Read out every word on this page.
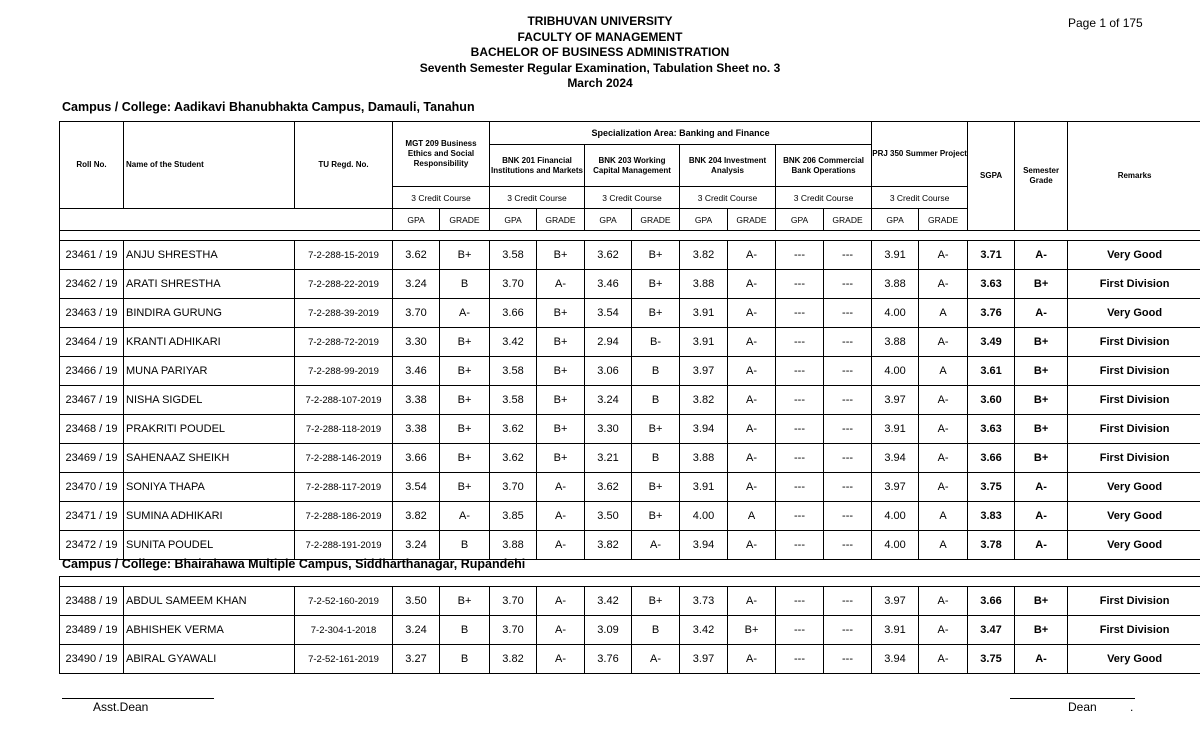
TRIBHUVAN UNIVERSITY
FACULTY OF MANAGEMENT
BACHELOR OF BUSINESS ADMINISTRATION
Seventh Semester Regular Examination, Tabulation Sheet no. 3
March 2024
Page 1 of 175
Campus / College: Aadikavi Bhanubhakta Campus, Damauli, Tanahun
Roll No.	Name of the Student	TU Regd. No.	MGT 209 Business Ethics and Social Responsibility		Specialization Area: Banking and Finance								PRJ 350 Summer Project		SGPA	Semester Grade	Remarks
					BNK 201 Financial Institutions and Markets		BNK 203 Working Capital Management		BNK 204 Investment Analysis		BNK 206 Commercial Bank Operations						
			3 Credit Course		3 Credit Course		3 Credit Course		3 Credit Course		3 Credit Course		3 Credit Course				
			GPA	GRADE	GPA	GRADE	GPA	GRADE	GPA	GRADE	GPA	GRADE	GPA	GRADE			

23461 / 19	ANJU SHRESTHA	7-2-288-15-2019	3.62	B+	3.58	B+	3.62	B+	3.82	A-	---	---	3.91	A-	3.71	A-	Very Good
23462 / 19	ARATI SHRESTHA	7-2-288-22-2019	3.24	B	3.70	A-	3.46	B+	3.88	A-	---	---	3.88	A-	3.63	B+	First Division
23463 / 19	BINDIRA GURUNG	7-2-288-39-2019	3.70	A-	3.66	B+	3.54	B+	3.91	A-	---	---	4.00	A	3.76	A-	Very Good
23464 / 19	KRANTI ADHIKARI	7-2-288-72-2019	3.30	B+	3.42	B+	2.94	B-	3.91	A-	---	---	3.88	A-	3.49	B+	First Division
23466 / 19	MUNA PARIYAR	7-2-288-99-2019	3.46	B+	3.58	B+	3.06	B	3.97	A-	---	---	4.00	A	3.61	B+	First Division
23467 / 19	NISHA SIGDEL	7-2-288-107-2019	3.38	B+	3.58	B+	3.24	B	3.82	A-	---	---	3.97	A-	3.60	B+	First Division
23468 / 19	PRAKRITI POUDEL	7-2-288-118-2019	3.38	B+	3.62	B+	3.30	B+	3.94	A-	---	---	3.91	A-	3.63	B+	First Division
23469 / 19	SAHENAAZ SHEIKH	7-2-288-146-2019	3.66	B+	3.62	B+	3.21	B	3.88	A-	---	---	3.94	A-	3.66	B+	First Division
23470 / 19	SONIYA THAPA	7-2-288-117-2019	3.54	B+	3.70	A-	3.62	B+	3.91	A-	---	---	3.97	A-	3.75	A-	Very Good
23471 / 19	SUMINA ADHIKARI	7-2-288-186-2019	3.82	A-	3.85	A-	3.50	B+	4.00	A	---	---	4.00	A	3.83	A-	Very Good
23472 / 19	SUNITA POUDEL	7-2-288-191-2019	3.24	B	3.88	A-	3.82	A-	3.94	A-	---	---	4.00	A	3.78	A-	Very Good
Campus / College: Bhairahawa Multiple Campus, Siddharthanagar, Rupandehi

23488 / 19	ABDUL SAMEEM KHAN	7-2-52-160-2019	3.50	B+	3.70	A-	3.42	B+	3.73	A-	---	---	3.97	A-	3.66	B+	First Division
23489 / 19	ABHISHEK VERMA	7-2-304-1-2018	3.24	B	3.70	A-	3.09	B	3.42	B+	---	---	3.91	A-	3.47	B+	First Division
23490 / 19	ABIRAL GYAWALI	7-2-52-161-2019	3.27	B	3.82	A-	3.76	A-	3.97	A-	---	---	3.94	A-	3.75	A-	Very Good
Asst.Dean	Dean	.
